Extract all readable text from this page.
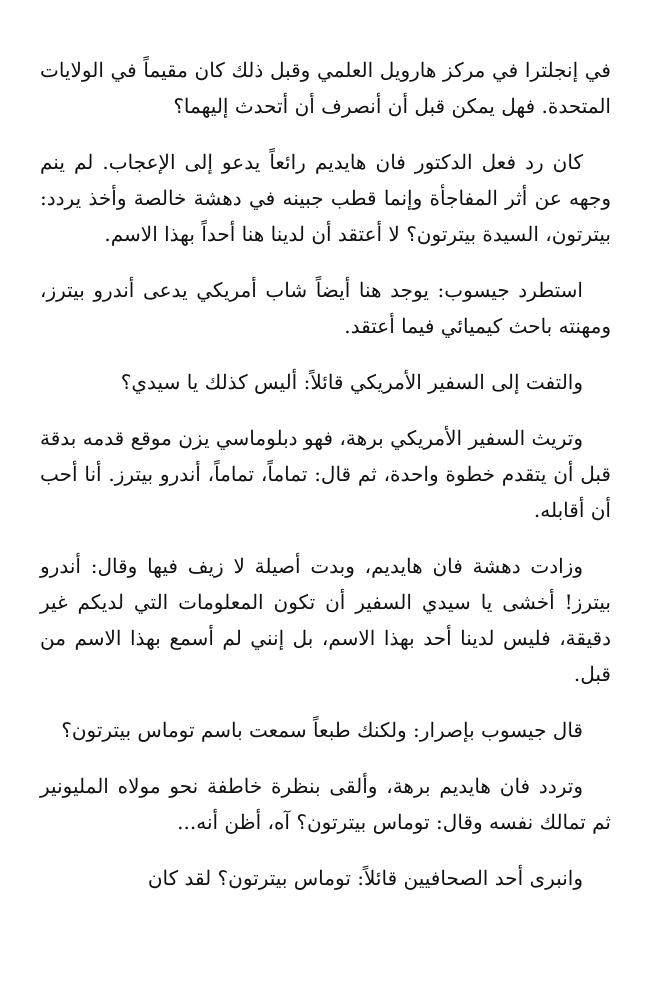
في إنجلترا في مركز هارويل العلمي وقبل ذلك كان مقيماً في الولايات المتحدة. فهل يمكن قبل أن أنصرف أن أتحدث إليهما؟

كان رد فعل الدكتور فان هايديم رائعاً يدعو إلى الإعجاب. لم ينم وجهه عن أثر المفاجأة وإنما قطب جبينه في دهشة خالصة وأخذ يردد: بيترتون، السيدة بيترتون؟ لا أعتقد أن لدينا هنا أحداً بهذا الاسم.

استطرد جيسوب: يوجد هنا أيضاً شاب أمريكي يدعى أندرو بيترز، ومهنته باحث كيميائي فيما أعتقد.

والتفت إلى السفير الأمريكي قائلاً: أليس كذلك يا سيدي؟

وتريث السفير الأمريكي برهة، فهو دبلوماسي يزن موقع قدمه بدقة قبل أن يتقدم خطوة واحدة، ثم قال: تماماً، تماماً، أندرو بيترز. أنا أحب أن أقابله.

وزادت دهشة فان هايديم، وبدت أصيلة لا زيف فيها وقال: أندرو بيترز! أخشى يا سيدي السفير أن تكون المعلومات التي لديكم غير دقيقة، فليس لدينا أحد بهذا الاسم، بل إنني لم أسمع بهذا الاسم من قبل.

قال جيسوب بإصرار: ولكنك طبعاً سمعت باسم توماس بيترتون؟

وتردد فان هايديم برهة، وألقى بنظرة خاطفة نحو مولاه المليونير ثم تمالك نفسه وقال: توماس بيترتون؟ آه، أظن أنه...

وانبرى أحد الصحافيين قائلاً: توماس بيترتون؟ لقد كان
